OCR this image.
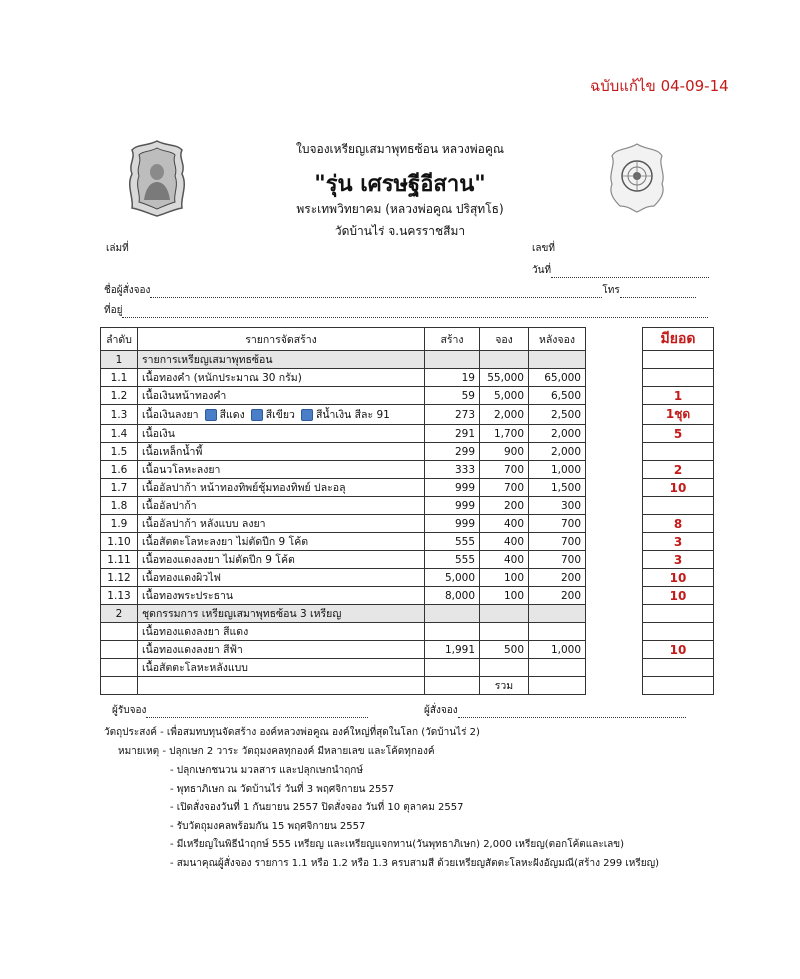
ฉบับแก้ไข 04-09-14
ใบจองเหรียญเสมาพุทธซ้อน หลวงพ่อคูณ
"รุ่น เศรษฐีอีสาน"
พระเทพวิทยาคม (หลวงพ่อคูณ ปริสุทโธ)
วัดบ้านไร่ จ.นครราชสีมา
เล่มที่	เลขที่
วันที่
ชื่อผู้สั่งจอง	โทร
ที่อยู่
ลำดับ	รายการจัดสร้าง	สร้าง	จอง	หลังจอง		มียอด
1	รายการเหรียญเสมาพุทธซ้อน					
1.1	เนื้อทองคำ (หนักประมาณ 30 กรัม)	19	55,000	65,000		
1.2	เนื้อเงินหน้าทองคำ	59	5,000	6,500		1
1.3	เนื้อเงินลงยา สีแดง สีเขียว สีน้ำเงิน สีละ 91	273	2,000	2,500		1ชุด
1.4	เนื้อเงิน	291	1,700	2,000		5
1.5	เนื้อเหล็กน้ำพี้	299	900	2,000		
1.6	เนื้อนวโลหะลงยา	333	700	1,000		2
1.7	เนื้ออัลปาก้า หน้าทองทิพย์ชุ้มทองทิพย์ ปละอลุ	999	700	1,500		10
1.8	เนื้ออัลปาก้า	999	200	300		
1.9	เนื้ออัลปาก้า หลังแบบ ลงยา	999	400	700		8
1.10	เนื้อสัตตะโลหะลงยา ไม่ตัดปีก 9 โค้ต	555	400	700		3
1.11	เนื้อทองแดงลงยา ไม่ตัดปีก 9 โค้ต	555	400	700		3
1.12	เนื้อทองแดงผิวไฟ	5,000	100	200		10
1.13	เนื้อทองพระประธาน	8,000	100	200		10
2	ชุดกรรมการ เหรียญเสมาพุทธซ้อน 3 เหรียญ					
	เนื้อทองแดงลงยา สีแดง					
	เนื้อทองแดงลงยา สีฟ้า	1,991	500	1,000		10
	เนื้อสัตตะโลหะหลังแบบ					
			รวม			
ผู้รับจอง	ผู้สั่งจอง
วัตถุประสงค์ - เพื่อสมทบทุนจัดสร้าง องค์หลวงพ่อคูณ องค์ใหญ่ที่สุดในโลก (วัดบ้านไร่ 2)
หมายเหตุ - ปลุกเษก 2 วาระ วัตถุมงคลทุกองค์ มีหลายเลข และโค้ดทุกองค์
- ปลุกเษกชนวน มวลสาร และปลุกเษกนำฤกษ์
- พุทธาภิเษก ณ วัดบ้านไร่ วันที่ 3 พฤศจิกายน 2557
- เปิดสั่งจองวันที่ 1 กันยายน 2557 ปิดสั่งจอง วันที่ 10 ตุลาคม 2557
- รับวัตถุมงคลพร้อมกัน 15 พฤศจิกายน 2557
- มีเหรียญในพิธีนำฤกษ์ 555 เหรียญ และเหรียญแจกทาน(วันพุทธาภิเษก) 2,000 เหรียญ(ตอกโค้ตและเลข)
- สมนาคุณผู้สั่งจอง รายการ 1.1 หรือ 1.2 หรือ 1.3 ครบสามสี ด้วยเหรียญสัตตะโลหะฝังอัญมณี(สร้าง 299 เหรียญ)
